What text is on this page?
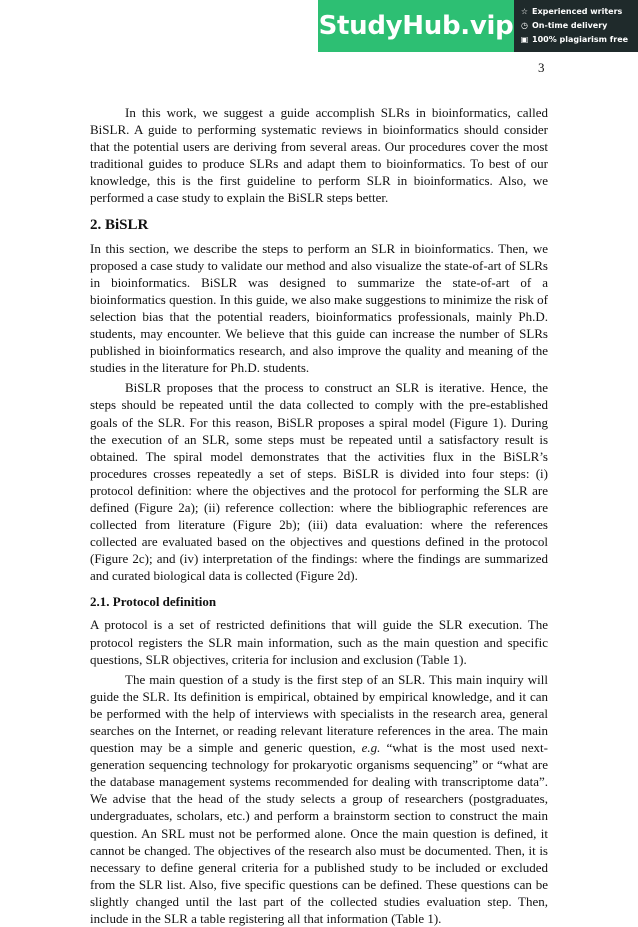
StudyHub.vip ☆ Experienced writers
◷ On-time delivery
▣ 100% plagiarism free
3

In this work, we suggest a guide accomplish SLRs in bioinformatics, called BiSLR. A guide to performing systematic reviews in bioinformatics should consider that the potential users are deriving from several areas. Our procedures cover the most traditional guides to produce SLRs and adapt them to bioinformatics. To best of our knowledge, this is the first guideline to perform SLR in bioinformatics. Also, we performed a case study to explain the BiSLR steps better.

2. BiSLR

In this section, we describe the steps to perform an SLR in bioinformatics. Then, we proposed a case study to validate our method and also visualize the state-of-art of SLRs in bioinformatics. BiSLR was designed to summarize the state-of-art of a bioinformatics question. In this guide, we also make suggestions to minimize the risk of selection bias that the potential readers, bioinformatics professionals, mainly Ph.D. students, may encounter. We believe that this guide can increase the number of SLRs published in bioinformatics research, and also improve the quality and meaning of the studies in the literature for Ph.D. students.

BiSLR proposes that the process to construct an SLR is iterative. Hence, the steps should be repeated until the data collected to comply with the pre-established goals of the SLR. For this reason, BiSLR proposes a spiral model (Figure 1). During the execution of an SLR, some steps must be repeated until a satisfactory result is obtained. The spiral model demonstrates that the activities flux in the BiSLR’s procedures crosses repeatedly a set of steps. BiSLR is divided into four steps: (i) protocol definition: where the objectives and the protocol for performing the SLR are defined (Figure 2a); (ii) reference collection: where the bibliographic references are collected from literature (Figure 2b); (iii) data evaluation: where the references collected are evaluated based on the objectives and questions defined in the protocol (Figure 2c); and (iv) interpretation of the findings: where the findings are summarized and curated biological data is collected (Figure 2d).

2.1. Protocol definition

A protocol is a set of restricted definitions that will guide the SLR execution. The protocol registers the SLR main information, such as the main question and specific questions, SLR objectives, criteria for inclusion and exclusion (Table 1).

The main question of a study is the first step of an SLR. This main inquiry will guide the SLR. Its definition is empirical, obtained by empirical knowledge, and it can be performed with the help of interviews with specialists in the research area, general searches on the Internet, or reading relevant literature references in the area. The main question may be a simple and generic question, e.g. “what is the most used next-generation sequencing technology for prokaryotic organisms sequencing” or “what are the database management systems recommended for dealing with transcriptome data”. We advise that the head of the study selects a group of researchers (postgraduates, undergraduates, scholars, etc.) and perform a brainstorm section to construct the main question. An SRL must not be performed alone. Once the main question is defined, it cannot be changed. The objectives of the research also must be documented. Then, it is necessary to define general criteria for a published study to be included or excluded from the SLR list. Also, five specific questions can be defined. These questions can be slightly changed until the last part of the collected studies evaluation step. Then, include in the SLR a table registering all that information (Table 1).
